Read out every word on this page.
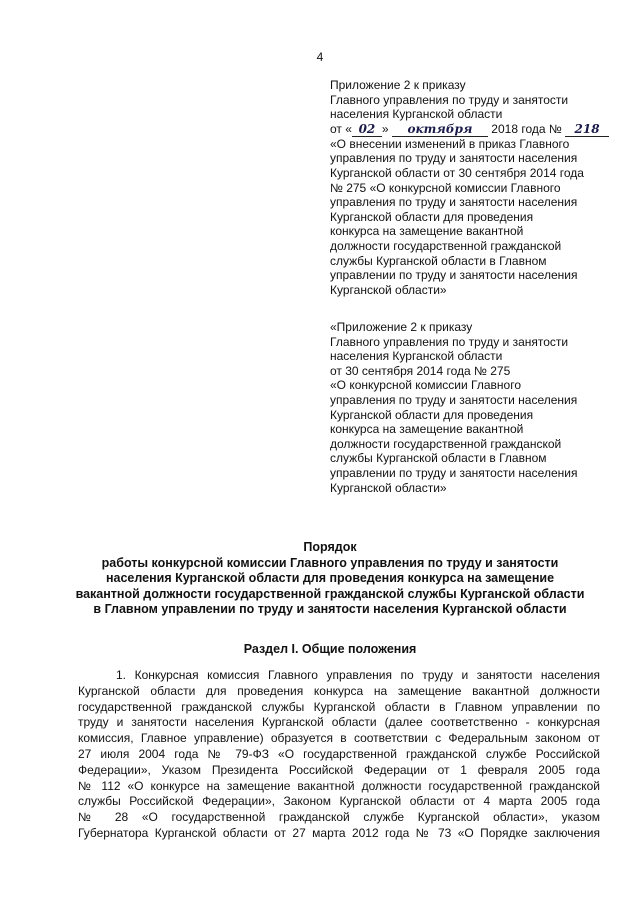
4
Приложение 2 к приказу
Главного управления по труду и занятости
населения Курганской области
от « 02 » октября 2018 года № 218
«О внесении изменений в приказ Главного
управления по труду и занятости населения
Курганской области от 30 сентября 2014 года
№ 275 «О конкурсной комиссии Главного
управления по труду и занятости населения
Курганской области для проведения
конкурса на замещение вакантной
должности государственной гражданской
службы Курганской области в Главном
управлении по труду и занятости населения
Курганской области»
«Приложение 2 к приказу
Главного управления по труду и занятости
населения Курганской области
от 30 сентября 2014 года № 275
«О конкурсной комиссии Главного
управления по труду и занятости населения
Курганской области для проведения
конкурса на замещение вакантной
должности государственной гражданской
службы Курганской области в Главном
управлении по труду и занятости населения
Курганской области»
Порядок
работы конкурсной комиссии Главного управления по труду и занятости
населения Курганской области для проведения конкурса на замещение
вакантной должности государственной гражданской службы Курганской области
в Главном управлении по труду и занятости населения Курганской области
Раздел I. Общие положения
1. Конкурсная комиссия Главного управления по труду и занятости населения
Курганской области для проведения конкурса на замещение вакантной должности
государственной гражданской службы Курганской области в Главном управлении по
труду и занятости населения Курганской области (далее соответственно - конкурсная
комиссия, Главное управление) образуется в соответствии с Федеральным законом от
27 июля 2004 года № 79-ФЗ «О государственной гражданской службе Российской
Федерации», Указом Президента Российской Федерации от 1 февраля 2005 года
№ 112 «О конкурсе на замещение вакантной должности государственной гражданской
службы Российской Федерации», Законом Курганской области от 4 марта 2005 года
№ 28 «О государственной гражданской службе Курганской области», указом
Губернатора Курганской области от 27 марта 2012 года № 73 «О Порядке заключения
